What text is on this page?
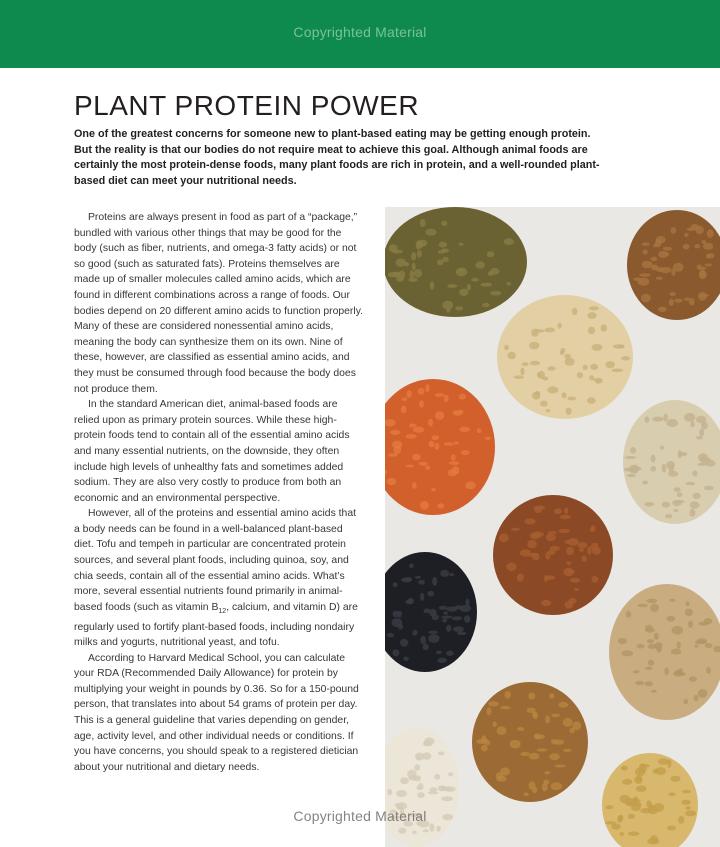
Copyrighted Material
PLANT PROTEIN POWER
One of the greatest concerns for someone new to plant-based eating may be getting enough protein. But the reality is that our bodies do not require meat to achieve this goal. Although animal foods are certainly the most protein-dense foods, many plant foods are rich in protein, and a well-rounded plant-based diet can meet your nutritional needs.

Proteins are always present in food as part of a “package,” bundled with various other things that may be good for the body (such as fiber, nutrients, and omega-3 fatty acids) or not so good (such as saturated fats). Proteins themselves are made up of smaller molecules called amino acids, which are found in different combinations across a range of foods. Our bodies depend on 20 different amino acids to function properly. Many of these are considered nonessential amino acids, meaning the body can synthesize them on its own. Nine of these, however, are classified as essential amino acids, and they must be consumed through food because the body does not produce them.

In the standard American diet, animal-based foods are relied upon as primary protein sources. While these high-protein foods tend to contain all of the essential amino acids and many essential nutrients, on the downside, they often include high levels of unhealthy fats and sometimes added sodium. They are also very costly to produce from both an economic and an environmental perspective.

However, all of the proteins and essential amino acids that a body needs can be found in a well-balanced plant-based diet. Tofu and tempeh in particular are concentrated protein sources, and several plant foods, including quinoa, soy, and chia seeds, contain all of the essential amino acids. What’s more, several essential nutrients found primarily in animal-based foods (such as vitamin $B_{12}$, calcium, and vitamin D) are regularly used to fortify plant-based foods, including nondairy milks and yogurts, nutritional yeast, and tofu.

According to Harvard Medical School, you can calculate your RDA (Recommended Daily Allowance) for protein by multiplying your weight in pounds by 0.36. So for a 150-pound person, that translates into about 54 grams of protein per day. This is a general guideline that varies depending on gender, age, activity level, and other individual needs or conditions. If you have concerns, you should speak to a registered dietician about your nutritional and dietary needs.

Copyrighted Material
